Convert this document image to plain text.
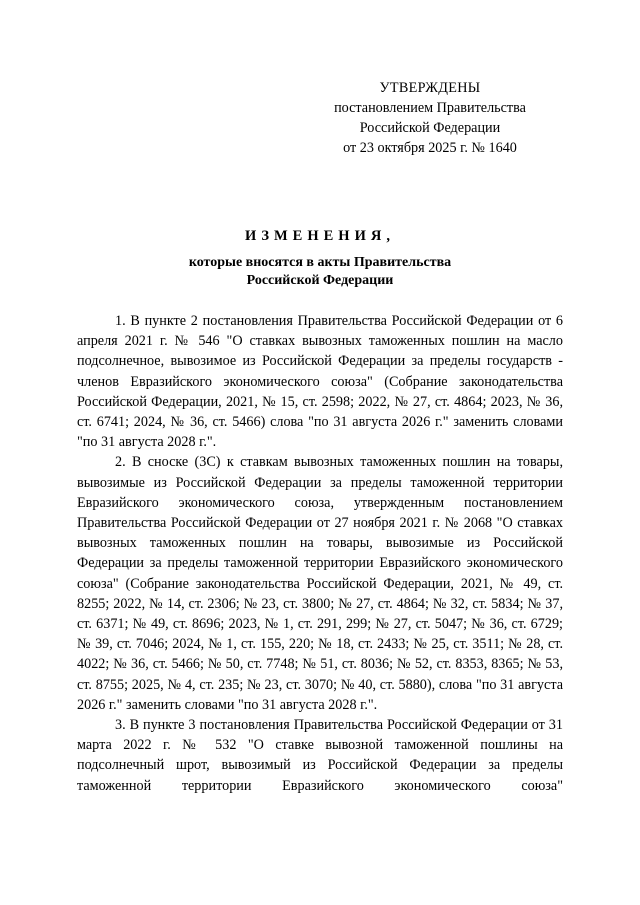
УТВЕРЖДЕНЫ
постановлением Правительства
Российской Федерации
от 23 октября 2025 г. № 1640
ИЗМЕНЕНИЯ,
которые вносятся в акты Правительства
Российской Федерации

1. В пункте 2 постановления Правительства Российской Федерации от 6 апреля 2021 г. № 546 "О ставках вывозных таможенных пошлин на масло подсолнечное, вывозимое из Российской Федерации за пределы государств - членов Евразийского экономического союза" (Собрание законодательства Российской Федерации, 2021, № 15, ст. 2598; 2022, № 27, ст. 4864; 2023, № 36, ст. 6741; 2024, № 36, ст. 5466) слова "по 31 августа 2026 г." заменить словами "по 31 августа 2028 г.".

2. В сноске (3С) к ставкам вывозных таможенных пошлин на товары, вывозимые из Российской Федерации за пределы таможенной территории Евразийского экономического союза, утвержденным постановлением Правительства Российской Федерации от 27 ноября 2021 г. № 2068 "О ставках вывозных таможенных пошлин на товары, вывозимые из Российской Федерации за пределы таможенной территории Евразийского экономического союза" (Собрание законодательства Российской Федерации, 2021, № 49, ст. 8255; 2022, № 14, ст. 2306; № 23, ст. 3800; № 27, ст. 4864; № 32, ст. 5834; № 37, ст. 6371; № 49, ст. 8696; 2023, № 1, ст. 291, 299; № 27, ст. 5047; № 36, ст. 6729; № 39, ст. 7046; 2024, № 1, ст. 155, 220; № 18, ст. 2433; № 25, ст. 3511; № 28, ст. 4022; № 36, ст. 5466; № 50, ст. 7748; № 51, ст. 8036; № 52, ст. 8353, 8365; № 53, ст. 8755; 2025, № 4, ст. 235; № 23, ст. 3070; № 40, ст. 5880), слова "по 31 августа 2026 г." заменить словами "по 31 августа 2028 г.".

3. В пункте 3 постановления Правительства Российской Федерации от 31 марта 2022 г. № 532 "О ставке вывозной таможенной пошлины на подсолнечный шрот, вывозимый из Российской Федерации за пределы таможенной территории Евразийского экономического союза"
